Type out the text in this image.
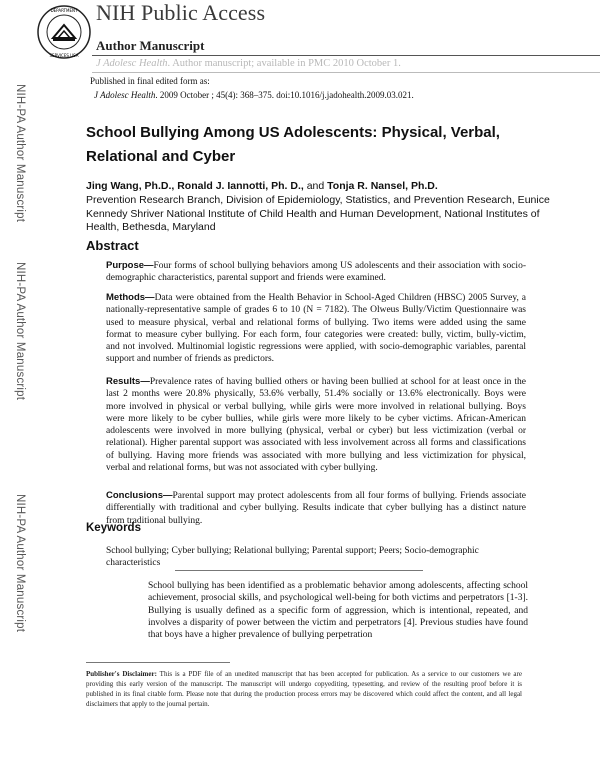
DEPARTMENT
SERVICES USA
NIH Public Access
Author Manuscript
J Adolesc Health. Author manuscript; available in PMC 2010 October 1.
Published in final edited form as:
J Adolesc Health. 2009 October ; 45(4): 368–375. doi:10.1016/j.jadohealth.2009.03.021.
NIH-PA Author Manuscript
NIH-PA Author Manuscript
NIH-PA Author Manuscript
School Bullying Among US Adolescents: Physical, Verbal, Relational and Cyber
Jing Wang, Ph.D., Ronald J. Iannotti, Ph. D., and Tonja R. Nansel, Ph.D.
Prevention Research Branch, Division of Epidemiology, Statistics, and Prevention Research, Eunice Kennedy Shriver National Institute of Child Health and Human Development, National Institutes of Health, Bethesda, Maryland
Abstract
Purpose—Four forms of school bullying behaviors among US adolescents and their association with socio-demographic characteristics, parental support and friends were examined.
Methods—Data were obtained from the Health Behavior in School-Aged Children (HBSC) 2005 Survey, a nationally-representative sample of grades 6 to 10 (N = 7182). The Olweus Bully/Victim Questionnaire was used to measure physical, verbal and relational forms of bullying. Two items were added using the same format to measure cyber bullying. For each form, four categories were created: bully, victim, bully-victim, and not involved. Multinomial logistic regressions were applied, with socio-demographic variables, parental support and number of friends as predictors.
Results—Prevalence rates of having bullied others or having been bullied at school for at least once in the last 2 months were 20.8% physically, 53.6% verbally, 51.4% socially or 13.6% electronically. Boys were more involved in physical or verbal bullying, while girls were more involved in relational bullying. Boys were more likely to be cyber bullies, while girls were more likely to be cyber victims. African-American adolescents were involved in more bullying (physical, verbal or cyber) but less victimization (verbal or relational). Higher parental support was associated with less involvement across all forms and classifications of bullying. Having more friends was associated with more bullying and less victimization for physical, verbal and relational forms, but was not associated with cyber bullying.
Conclusions—Parental support may protect adolescents from all four forms of bullying. Friends associate differentially with traditional and cyber bullying. Results indicate that cyber bullying has a distinct nature from traditional bullying.
Keywords
School bullying; Cyber bullying; Relational bullying; Parental support; Peers; Socio-demographic characteristics
School bullying has been identified as a problematic behavior among adolescents, affecting school achievement, prosocial skills, and psychological well-being for both victims and perpetrators [1-3]. Bullying is usually defined as a specific form of aggression, which is intentional, repeated, and involves a disparity of power between the victim and perpetrators [4]. Previous studies have found that boys have a higher prevalence of bullying perpetration
Publisher's Disclaimer: This is a PDF file of an unedited manuscript that has been accepted for publication. As a service to our customers we are providing this early version of the manuscript. The manuscript will undergo copyediting, typesetting, and review of the resulting proof before it is published in its final citable form. Please note that during the production process errors may be discovered which could affect the content, and all legal disclaimers that apply to the journal pertain.
